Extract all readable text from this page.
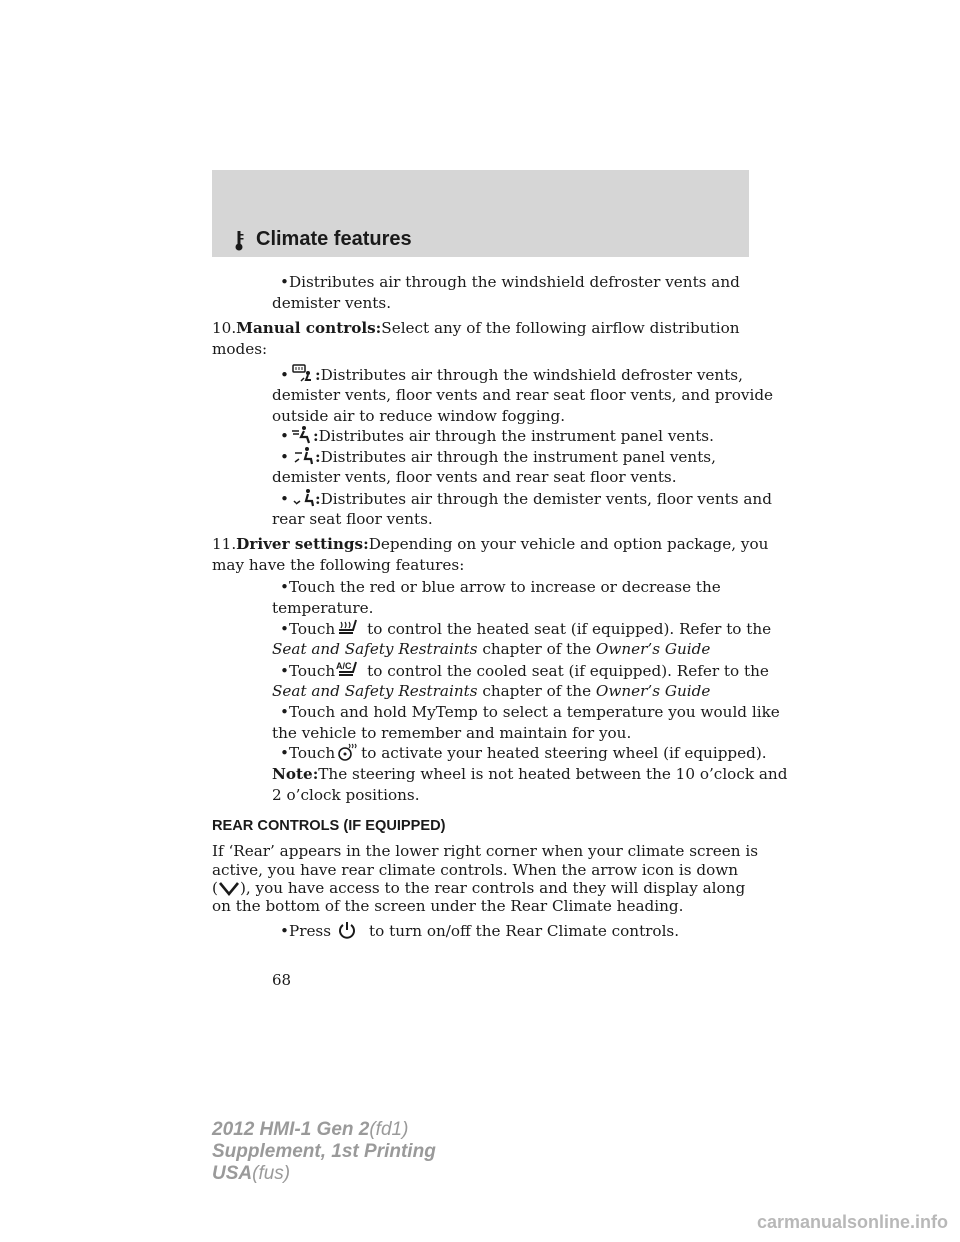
Climate features
•Distributes air through the windshield defroster vents and
demister vents.
10.Manual controls:Select any of the following airflow distribution
modes:
• :Distributes air through the windshield defroster vents,
demister vents, floor vents and rear seat floor vents, and provide
outside air to reduce window fogging.
• :Distributes air through the instrument panel vents.
• :Distributes air through the instrument panel vents,
demister vents, floor vents and rear seat floor vents.
• :Distributes air through the demister vents, floor vents and
rear seat floor vents.
11.Driver settings:Depending on your vehicle and option package, you
may have the following features:
•Touch the red or blue arrow to increase or decrease the
temperature.
•Touch to control the heated seat (if equipped). Refer to the
Seat and Safety Restraints chapter of the Owner’s Guide
•Touch A/C to control the cooled seat (if equipped). Refer to the
Seat and Safety Restraints chapter of the Owner’s Guide
•Touch and hold MyTemp to select a temperature you would like
the vehicle to remember and maintain for you.
•Touch to activate your heated steering wheel (if equipped).
Note:The steering wheel is not heated between the 10 o’clock and
2 o’clock positions.
REAR CONTROLS (IF EQUIPPED)
If ‘Rear’ appears in the lower right corner when your climate screen is
active, you have rear climate controls. When the arrow icon is down
( ), you have access to the rear controls and they will display along
on the bottom of the screen under the Rear Climate heading.
•Press	to turn on/off the Rear Climate controls.
68
2012 HMI-1 Gen 2(fd1)
Supplement, 1st Printing
USA(fus)
carmanualsonline.info
